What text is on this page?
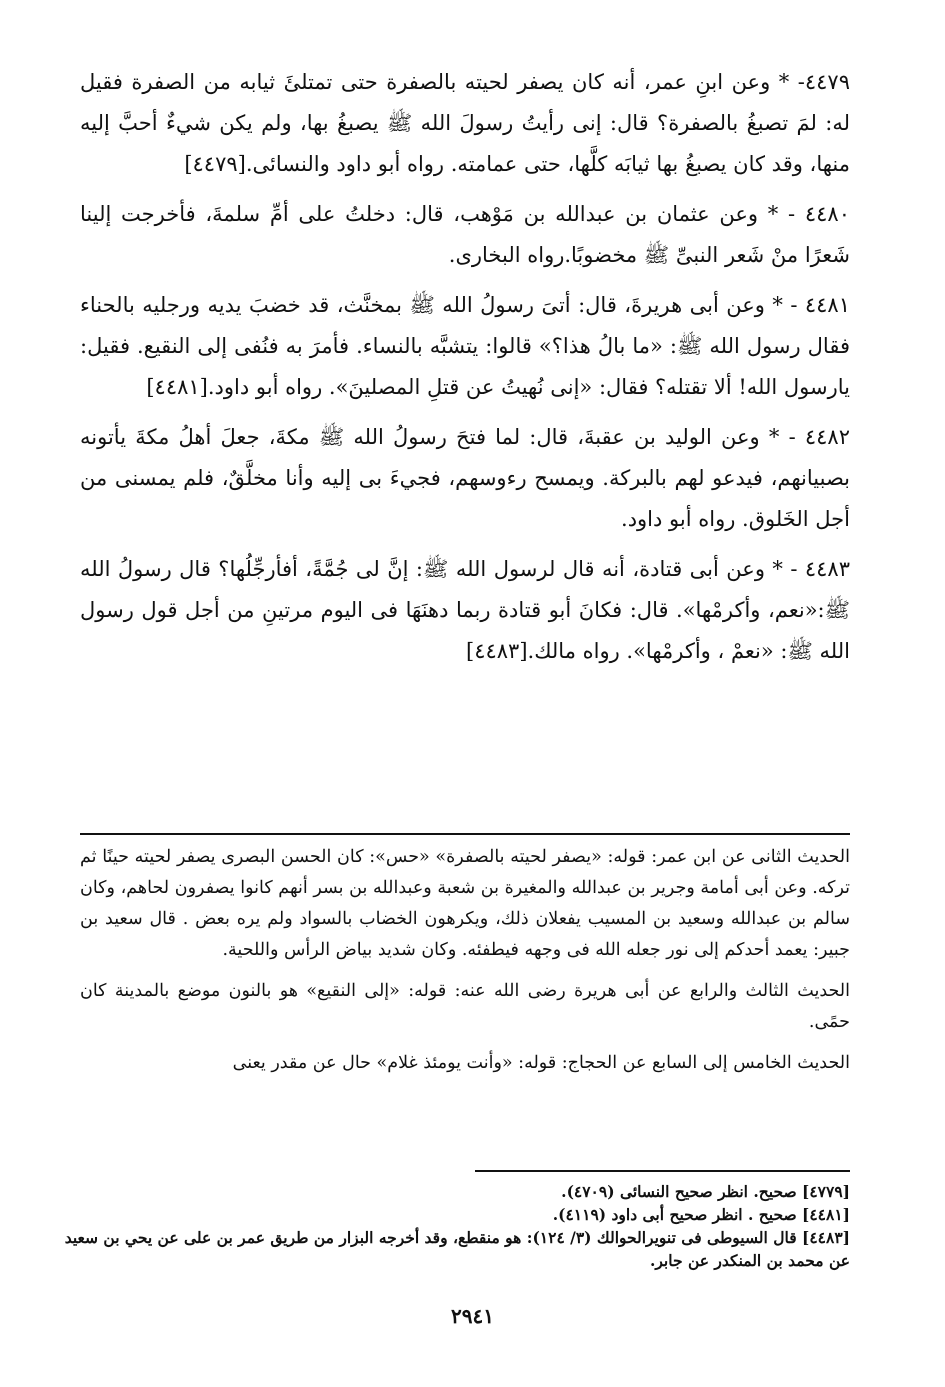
٤٤٧٩- * وعن ابنِ عمر، أنه كان يصفر لحيته بالصفرة حتى تمتلئَ ثيابه من الصفرة فقيل له: لمَ تصبغُ بالصفرة؟ قال: إنى رأيتُ رسولَ الله ﷺ يصبغُ بها، ولم يكن شيءٌ أحبَّ إليه منها، وقد كان يصبغُ بها ثيابَه كلَّها، حتى عمامته. رواه أبو داود والنسائى.[٤٤٧٩]

٤٤٨٠ - * وعن عثمان بن عبدالله بن مَوْهب، قال: دخلتُ على أمِّ سلمةَ، فأخرجت إلينا شَعرًا منْ شَعر النبىِّ ﷺ مخضوبًا.رواه البخارى.

٤٤٨١ - * وعن أبى هريرةَ، قال: أتىَ رسولُ الله ﷺ بمخنَّث، قد خضبَ يديه ورجليه بالحناء فقال رسول الله ﷺ: «ما بالُ هذا؟» قالوا: يتشبَّه بالنساء. فأمرَ به فنُفى إلى النقيع. فقيل: يارسول الله! ألا تقتله؟ فقال: «إنى نُهيتُ عن قتلِ المصلينَ». رواه أبو داود.[٤٤٨١]

٤٤٨٢ - * وعن الوليد بن عقبةَ، قال: لما فتحَ رسولُ الله ﷺ مكةَ، جعلَ أهلُ مكةَ يأتونه بصبيانهم، فيدعو لهم بالبركة. ويمسح رءوسهم، فجيءَ بى إليه وأنا مخلَّقٌ، فلم يمسنى من أجل الخَلوق. رواه أبو داود.

٤٤٨٣ - * وعن أبى قتادة، أنه قال لرسول الله ﷺ: إنَّ لى جُمَّةً، أفأرجِّلُها؟ قال رسولُ الله ﷺ:«نعم، وأكرمْها». قال: فكانَ أبو قتادة ربما دهنَهَا فى اليوم مرتينِ من أجل قول رسول الله ﷺ: «نعمْ ، وأكرمْها». رواه مالك.[٤٤٨٣]

الحديث الثانى عن ابن عمر: قوله: «يصفر لحيته بالصفرة» «حس»: كان الحسن البصرى يصفر لحيته حينًا ثم تركه. وعن أبى أمامة وجرير بن عبدالله والمغيرة بن شعبة وعبدالله بن بسر أنهم كانوا يصفرون لحاهم، وكان سالم بن عبدالله وسعيد بن المسيب يفعلان ذلك، ويكرهون الخضاب بالسواد ولم يره بعض . قال سعيد بن جبير: يعمد أحدكم إلى نور جعله الله فى وجهه فيطفئه. وكان شديد بياض الرأس واللحية.

الحديث الثالث والرابع عن أبى هريرة رضى الله عنه: قوله: «إلى النقيع» هو بالنون موضع بالمدينة كان حمًى.

الحديث الخامس إلى السابع عن الحجاج: قوله: «وأنت يومئذ غلام» حال عن مقدر يعنى

[٤٧٧٩] صحيح. انظر صحيح النسائى (٤٧٠٩).

[٤٤٨١] صحيح . انظر صحيح أبى داود (٤١١٩).

[٤٤٨٣] قال السيوطى فى تنويرالحوالك (٣/ ١٢٤): هو منقطع، وقد أخرجه البزار من طريق عمر بن على عن يحي بن سعيد عن محمد بن المنكدر عن جابر.

٢٩٤١
